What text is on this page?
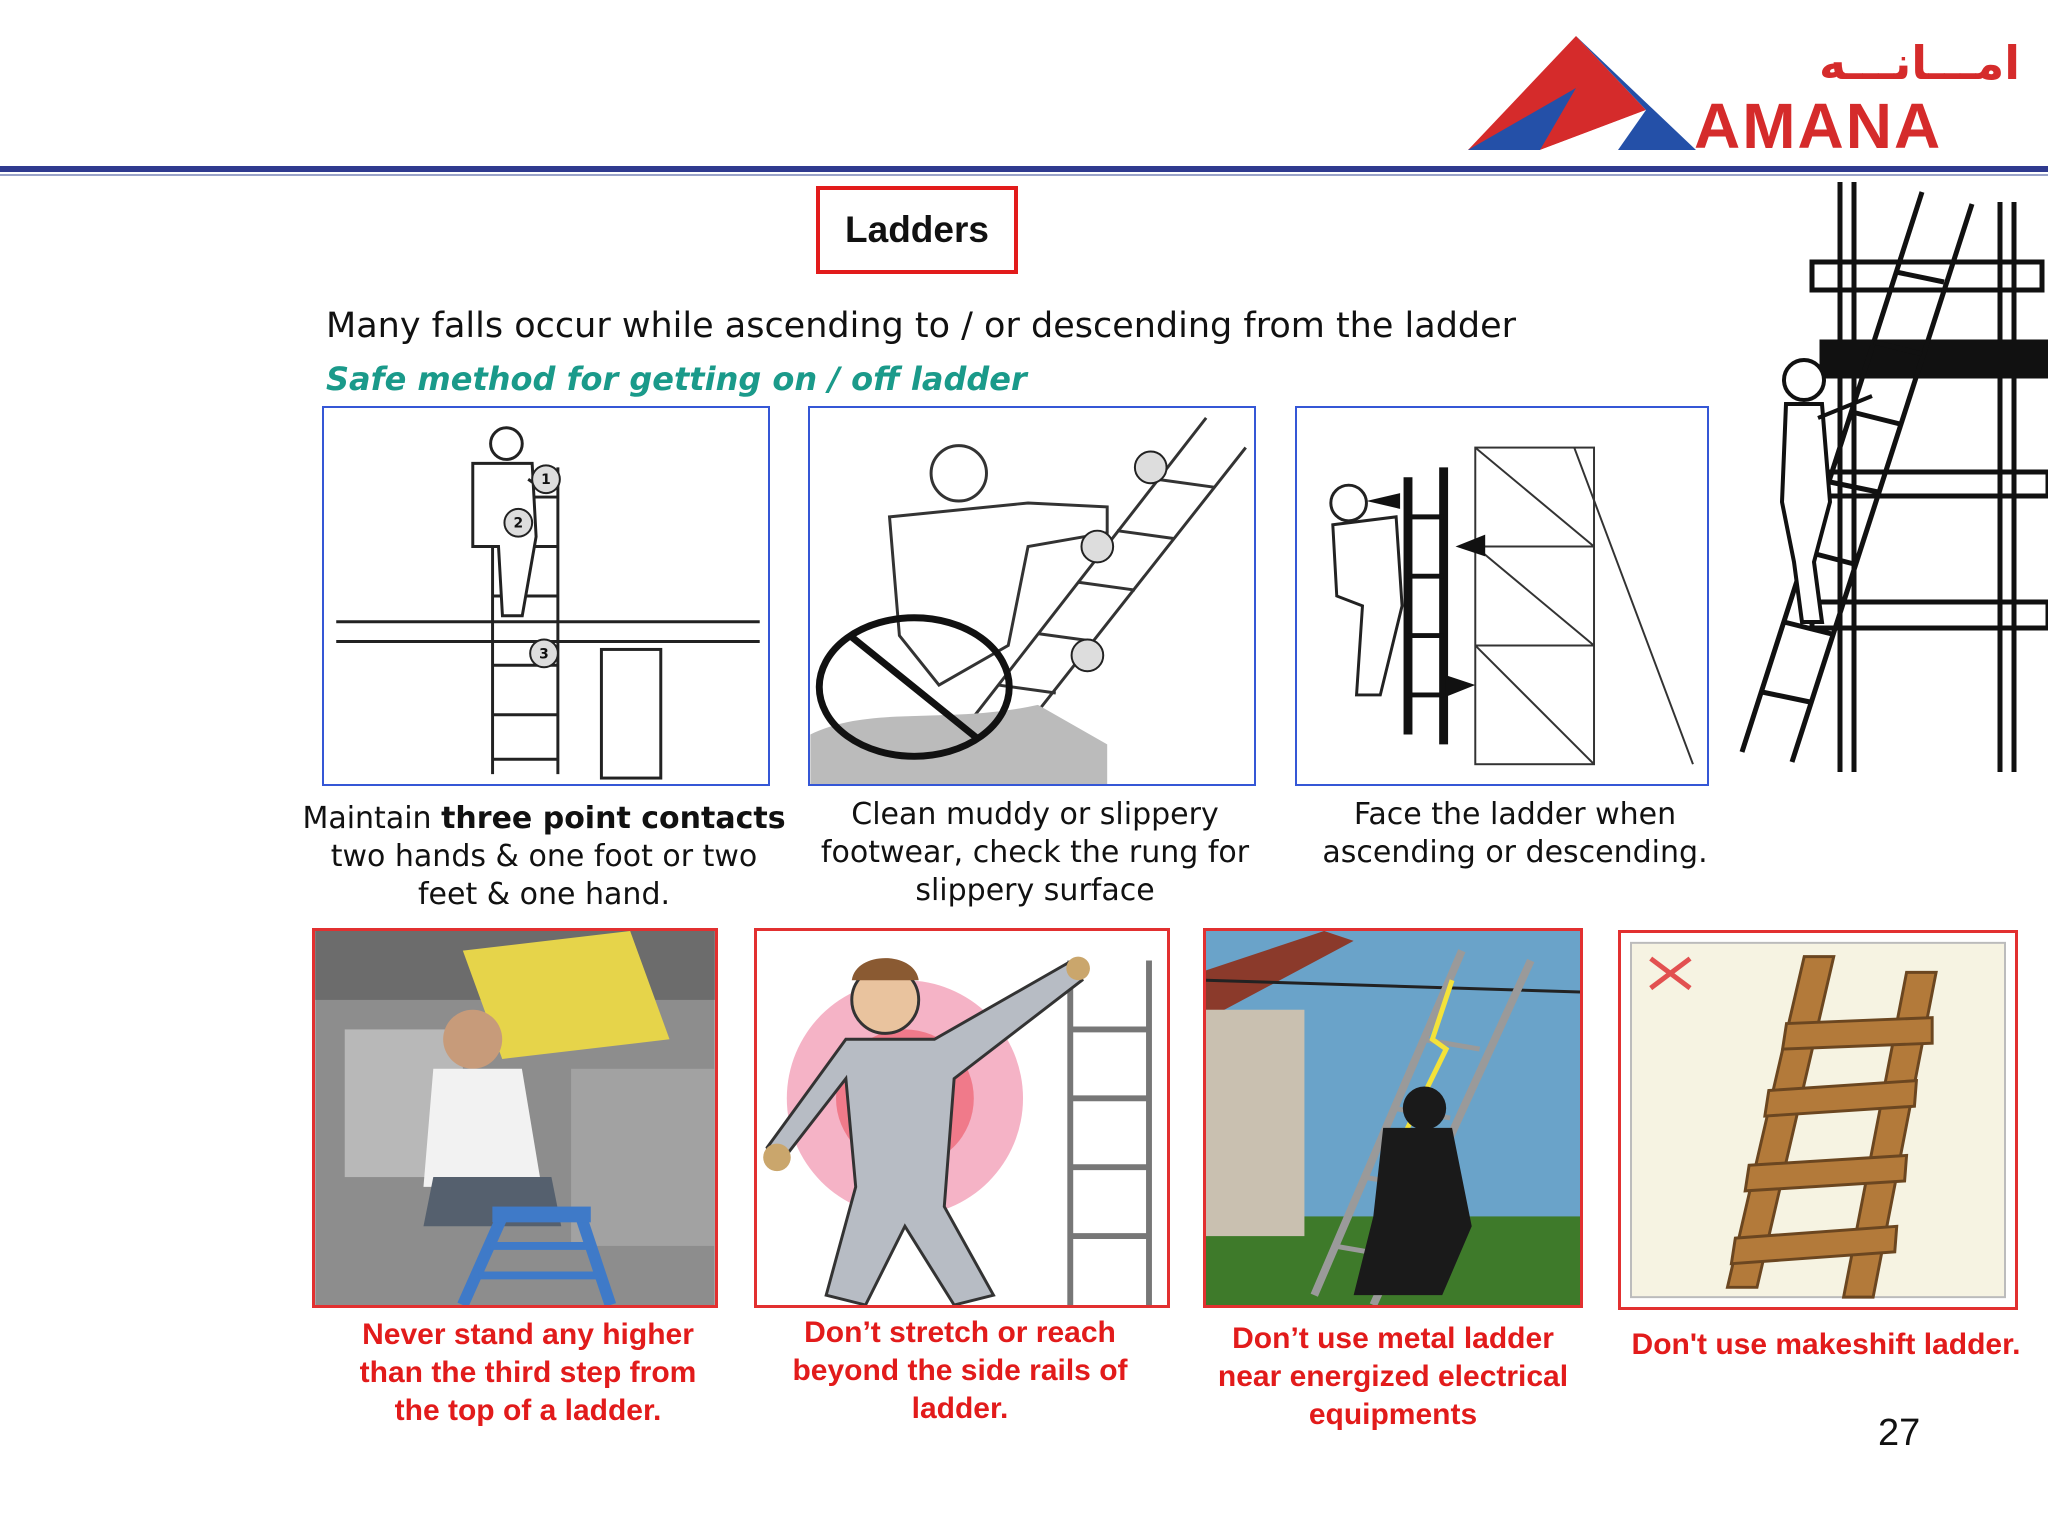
امـــانـــه
AMANA
Ladders
Many falls occur while ascending to / or descending from the ladder
Safe method for getting on / off ladder
1
2
3
Maintain three point contacts
two hands & one foot or two
feet & one hand.
Clean muddy or slippery
footwear, check the rung for
slippery surface
Face the ladder when
ascending or descending.
Never stand any higher
than the third step from
the top of a ladder.
Don’t stretch or reach
beyond the side rails of
ladder.
Don’t use metal ladder
near energized electrical
equipments
Don't use makeshift ladder.
27
